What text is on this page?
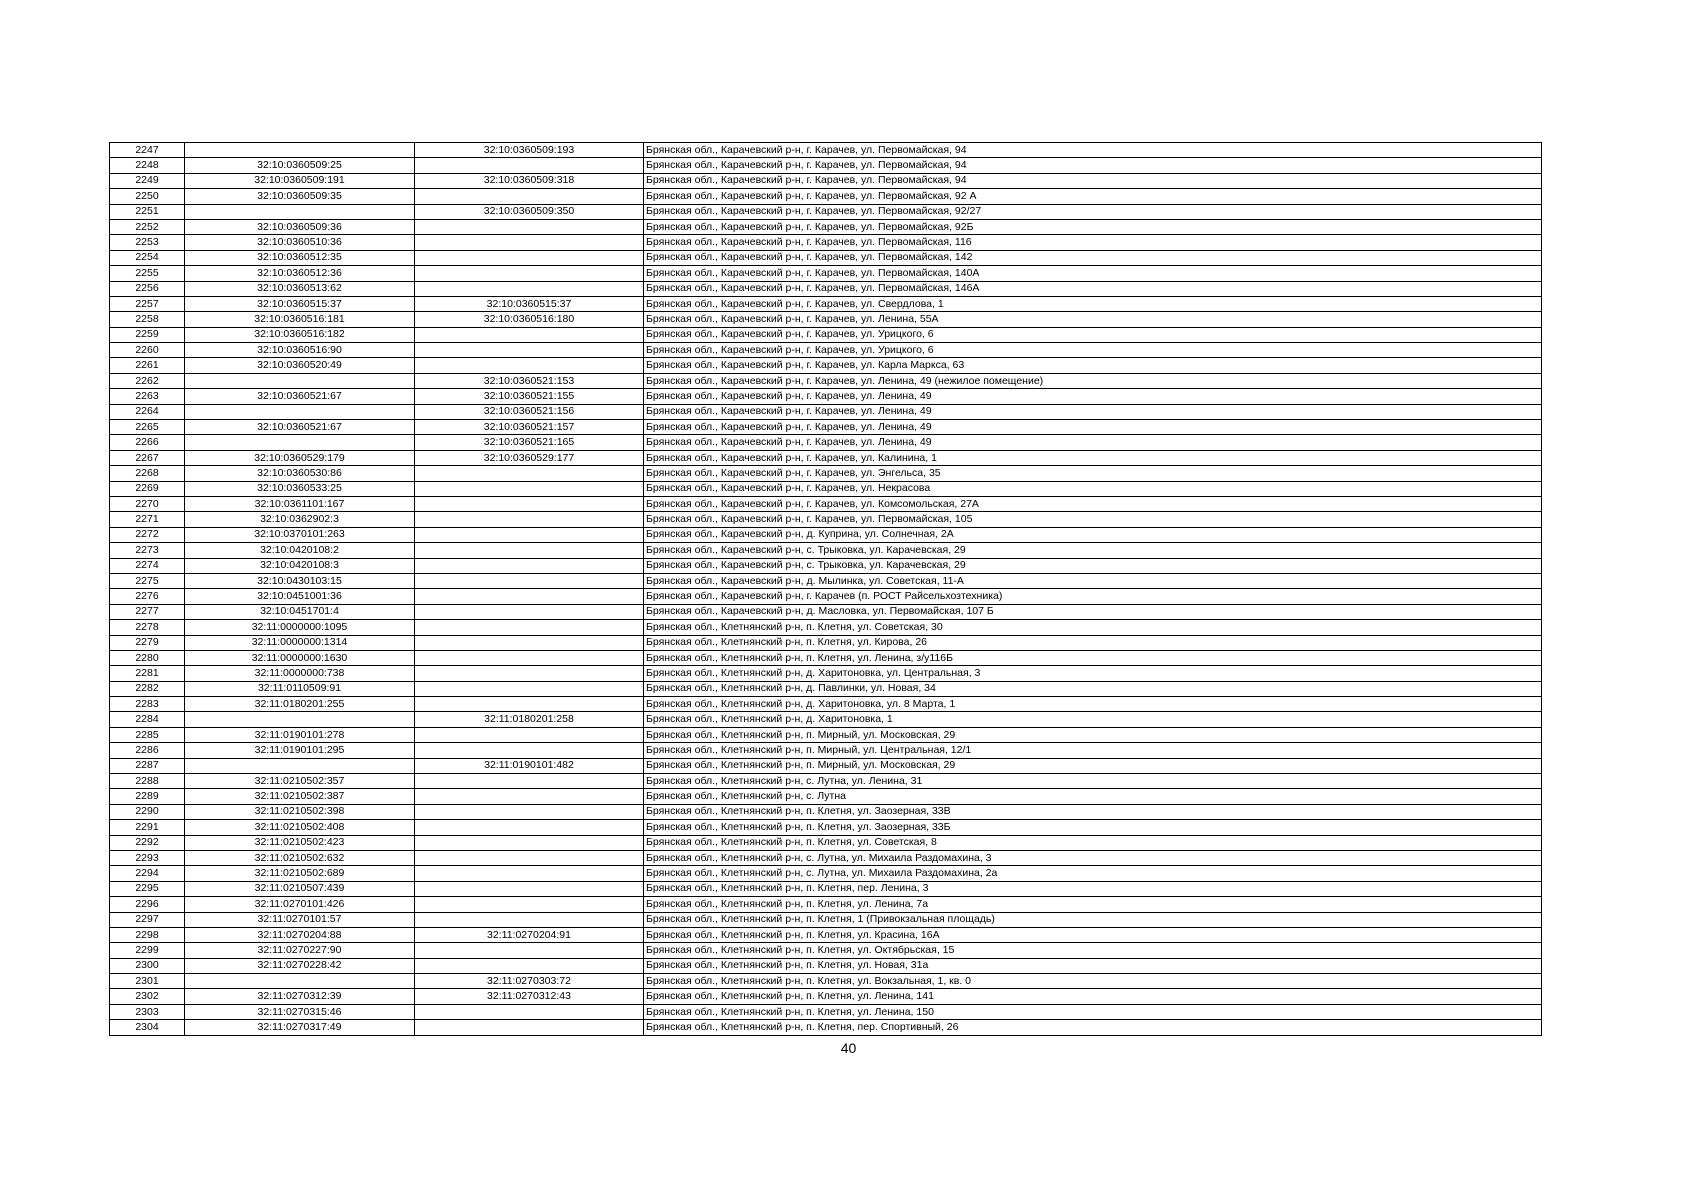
2247		32:10:0360509:193	Брянская обл., Карачевский р-н, г. Карачев, ул. Первомайская, 94
2248	32:10:0360509:25		Брянская обл., Карачевский р-н, г. Карачев, ул. Первомайская, 94
2249	32:10:0360509:191	32:10:0360509:318	Брянская обл., Карачевский р-н, г. Карачев, ул. Первомайская, 94
2250	32:10:0360509:35		Брянская обл., Карачевский р-н, г. Карачев, ул. Первомайская, 92 А
2251		32:10:0360509:350	Брянская обл., Карачевский р-н, г. Карачев, ул. Первомайская, 92/27
2252	32:10:0360509:36		Брянская обл., Карачевский р-н, г. Карачев, ул. Первомайская, 92Б
2253	32:10:0360510:36		Брянская обл., Карачевский р-н, г. Карачев, ул. Первомайская, 116
2254	32:10:0360512:35		Брянская обл., Карачевский р-н, г. Карачев, ул. Первомайская, 142
2255	32:10:0360512:36		Брянская обл., Карачевский р-н, г. Карачев, ул. Первомайская, 140А
2256	32:10:0360513:62		Брянская обл., Карачевский р-н, г. Карачев, ул. Первомайская, 146А
2257	32:10:0360515:37	32:10:0360515:37	Брянская обл., Карачевский р-н, г. Карачев, ул. Свердлова, 1
2258	32:10:0360516:181	32:10:0360516:180	Брянская обл., Карачевский р-н, г. Карачев, ул. Ленина, 55А
2259	32:10:0360516:182		Брянская обл., Карачевский р-н, г. Карачев, ул. Урицкого, 6
2260	32:10:0360516:90		Брянская обл., Карачевский р-н, г. Карачев, ул. Урицкого, 6
2261	32:10:0360520:49		Брянская обл., Карачевский р-н, г. Карачев, ул. Карла Маркса, 63
2262		32:10:0360521:153	Брянская обл., Карачевский р-н, г. Карачев, ул. Ленина, 49 (нежилое помещение)
2263	32:10:0360521:67	32:10:0360521:155	Брянская обл., Карачевский р-н, г. Карачев, ул. Ленина, 49
2264		32:10:0360521:156	Брянская обл., Карачевский р-н, г. Карачев, ул. Ленина, 49
2265	32:10:0360521:67	32:10:0360521:157	Брянская обл., Карачевский р-н, г. Карачев, ул. Ленина, 49
2266		32:10:0360521:165	Брянская обл., Карачевский р-н, г. Карачев, ул. Ленина, 49
2267	32:10:0360529:179	32:10:0360529:177	Брянская обл., Карачевский р-н, г. Карачев, ул. Калинина, 1
2268	32:10:0360530:86		Брянская обл., Карачевский р-н, г. Карачев, ул. Энгельса, 35
2269	32:10:0360533:25		Брянская обл., Карачевский р-н, г. Карачев, ул. Некрасова
2270	32:10:0361101:167		Брянская обл., Карачевский р-н, г. Карачев, ул. Комсомольская, 27А
2271	32:10:0362902:3		Брянская обл., Карачевский р-н, г. Карачев, ул. Первомайская, 105
2272	32:10:0370101:263		Брянская обл., Карачевский р-н, д. Куприна, ул. Солнечная, 2А
2273	32:10:0420108:2		Брянская обл., Карачевский р-н, с. Трыковка, ул. Карачевская, 29
2274	32:10:0420108:3		Брянская обл., Карачевский р-н, с. Трыковка, ул. Карачевская, 29
2275	32:10:0430103:15		Брянская обл., Карачевский р-н, д. Мылинка, ул. Советская, 11-А
2276	32:10:0451001:36		Брянская обл., Карачевский р-н, г. Карачев (п. РОСТ Райсельхозтехника)
2277	32:10:0451701:4		Брянская обл., Карачевский р-н, д. Масловка, ул. Первомайская, 107 Б
2278	32:11:0000000:1095		Брянская обл., Клетнянский р-н, п. Клетня, ул. Советская, 30
2279	32:11:0000000:1314		Брянская обл., Клетнянский р-н, п. Клетня, ул. Кирова, 26
2280	32:11:0000000:1630		Брянская обл., Клетнянский р-н, п. Клетня, ул. Ленина, з/у116Б
2281	32:11:0000000:738		Брянская обл., Клетнянский р-н, д. Харитоновка, ул. Центральная, 3
2282	32:11:0110509:91		Брянская обл., Клетнянский р-н, д. Павлинки, ул. Новая, 34
2283	32:11:0180201:255		Брянская обл., Клетнянский р-н, д. Харитоновка, ул. 8 Марта, 1
2284		32:11:0180201:258	Брянская обл., Клетнянский р-н, д. Харитоновка, 1
2285	32:11:0190101:278		Брянская обл., Клетнянский р-н, п. Мирный, ул. Московская, 29
2286	32:11:0190101:295		Брянская обл., Клетнянский р-н, п. Мирный, ул. Центральная, 12/1
2287		32:11:0190101:482	Брянская обл., Клетнянский р-н, п. Мирный, ул. Московская, 29
2288	32:11:0210502:357		Брянская обл., Клетнянский р-н, с. Лутна, ул. Ленина, 31
2289	32:11:0210502:387		Брянская обл., Клетнянский р-н, с. Лутна
2290	32:11:0210502:398		Брянская обл., Клетнянский р-н, п. Клетня, ул. Заозерная, 33В
2291	32:11:0210502:408		Брянская обл., Клетнянский р-н, п. Клетня, ул. Заозерная, 33Б
2292	32:11:0210502:423		Брянская обл., Клетнянский р-н, п. Клетня, ул. Советская, 8
2293	32:11:0210502:632		Брянская обл., Клетнянский р-н, с. Лутна, ул. Михаила Раздомахина, 3
2294	32:11:0210502:689		Брянская обл., Клетнянский р-н, с. Лутна, ул. Михаила Раздомахина, 2а
2295	32:11:0210507:439		Брянская обл., Клетнянский р-н, п. Клетня, пер. Ленина, 3
2296	32:11:0270101:426		Брянская обл., Клетнянский р-н, п. Клетня, ул. Ленина, 7а
2297	32:11:0270101:57		Брянская обл., Клетнянский р-н, п. Клетня, 1 (Привокзальная площадь)
2298	32:11:0270204:88	32:11:0270204:91	Брянская обл., Клетнянский р-н, п. Клетня, ул. Красина, 16А
2299	32:11:0270227:90		Брянская обл., Клетнянский р-н, п. Клетня, ул. Октябрьская, 15
2300	32:11:0270228:42		Брянская обл., Клетнянский р-н, п. Клетня, ул. Новая, 31а
2301		32:11:0270303:72	Брянская обл., Клетнянский р-н, п. Клетня, ул. Вокзальная, 1, кв. 0
2302	32:11:0270312:39	32:11:0270312:43	Брянская обл., Клетнянский р-н, п. Клетня, ул. Ленина, 141
2303	32:11:0270315:46		Брянская обл., Клетнянский р-н, п. Клетня, ул. Ленина, 150
2304	32:11:0270317:49		Брянская обл., Клетнянский р-н, п. Клетня, пер. Спортивный, 26
40
